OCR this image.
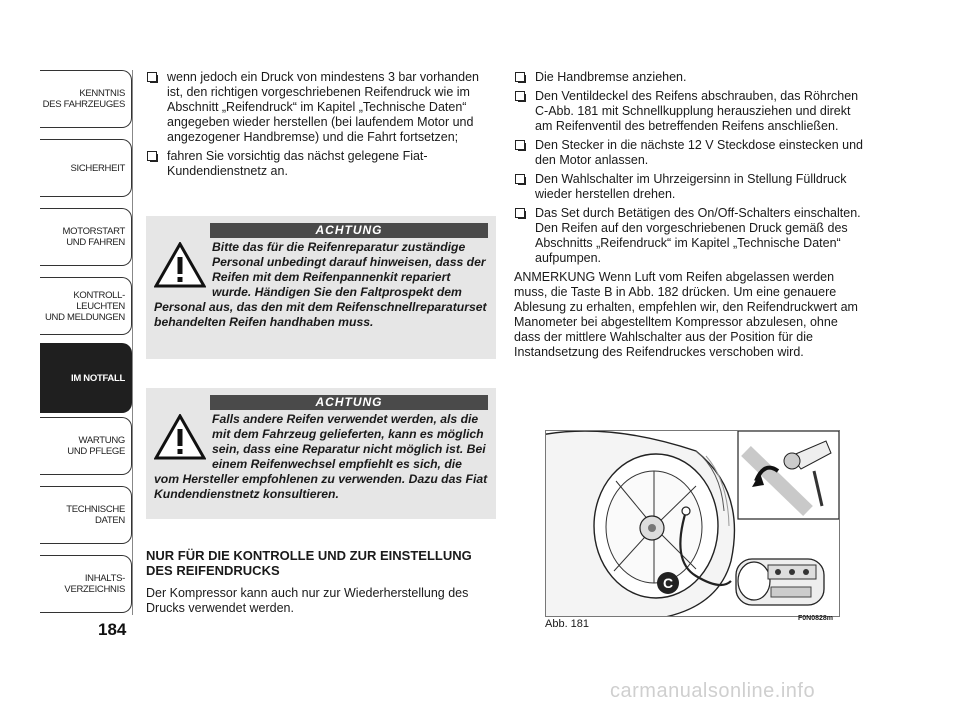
KENNTNIS
DES FAHRZEUGES
SICHERHEIT
MOTORSTART
UND FAHREN
KONTROLL-
LEUCHTEN
UND MELDUNGEN
IM NOTFALL
WARTUNG
UND PFLEGE
TECHNISCHE
DATEN
INHALTS-
VERZEICHNIS
184
wenn jedoch ein Druck von mindestens 3 bar vorhanden ist, den richtigen vorgeschriebenen Reifendruck wie im Abschnitt „Reifendruck“ im Kapitel „Technische Daten“ angegeben wieder herstellen (bei laufendem Motor und angezogener Handbremse) und die Fahrt fortsetzen;
fahren Sie vorsichtig das nächst gelegene Fiat-Kundendienstnetz an.
ACHTUNG
Bitte das für die Reifenreparatur zuständige Personal unbedingt darauf hinweisen, dass der Reifen mit dem Reifenpannenkit repariert wurde. Händigen Sie den Faltprospekt dem Personal aus, das den mit dem Reifenschnellreparaturset behandelten Reifen handhaben muss.
ACHTUNG
Falls andere Reifen verwendet werden, als die mit dem Fahrzeug gelieferten, kann es möglich sein, dass eine Reparatur nicht möglich ist. Bei einem Reifenwechsel empfiehlt es sich, die vom Hersteller empfohlenen zu verwenden. Dazu das Fiat Kundendienstnetz konsultieren.
NUR FÜR DIE KONTROLLE UND ZUR EINSTELLUNG DES REIFENDRUCKS
Der Kompressor kann auch nur zur Wiederherstellung des Drucks verwendet werden.
Die Handbremse anziehen.
Den Ventildeckel des Reifens abschrauben, das Röhrchen C-Abb. 181 mit Schnellkupplung herausziehen und direkt am Reifenventil des betreffenden Reifens anschließen.
Den Stecker in die nächste 12 V Steckdose einstecken und den Motor anlassen.
Den Wahlschalter im Uhrzeigersinn in Stellung Fülldruck wieder herstellen drehen.
Das Set durch Betätigen des On/Off-Schalters einschalten. Den Reifen auf den vorgeschriebenen Druck gemäß des Abschnitts „Reifendruck“ im Kapitel „Technische Daten“ aufpumpen.
ANMERKUNG Wenn Luft vom Reifen abgelassen werden muss, die Taste B in Abb. 182 drücken. Um eine genauere Ablesung zu erhalten, empfehlen wir, den Reifendruckwert am Manometer bei abgestelltem Kompressor abzulesen, ohne dass der mittlere Wahlschalter aus der Position für die Instandsetzung des Reifendruckes verschoben wird.
C
Abb. 181	F0N0828m
carmanualsonline.info
